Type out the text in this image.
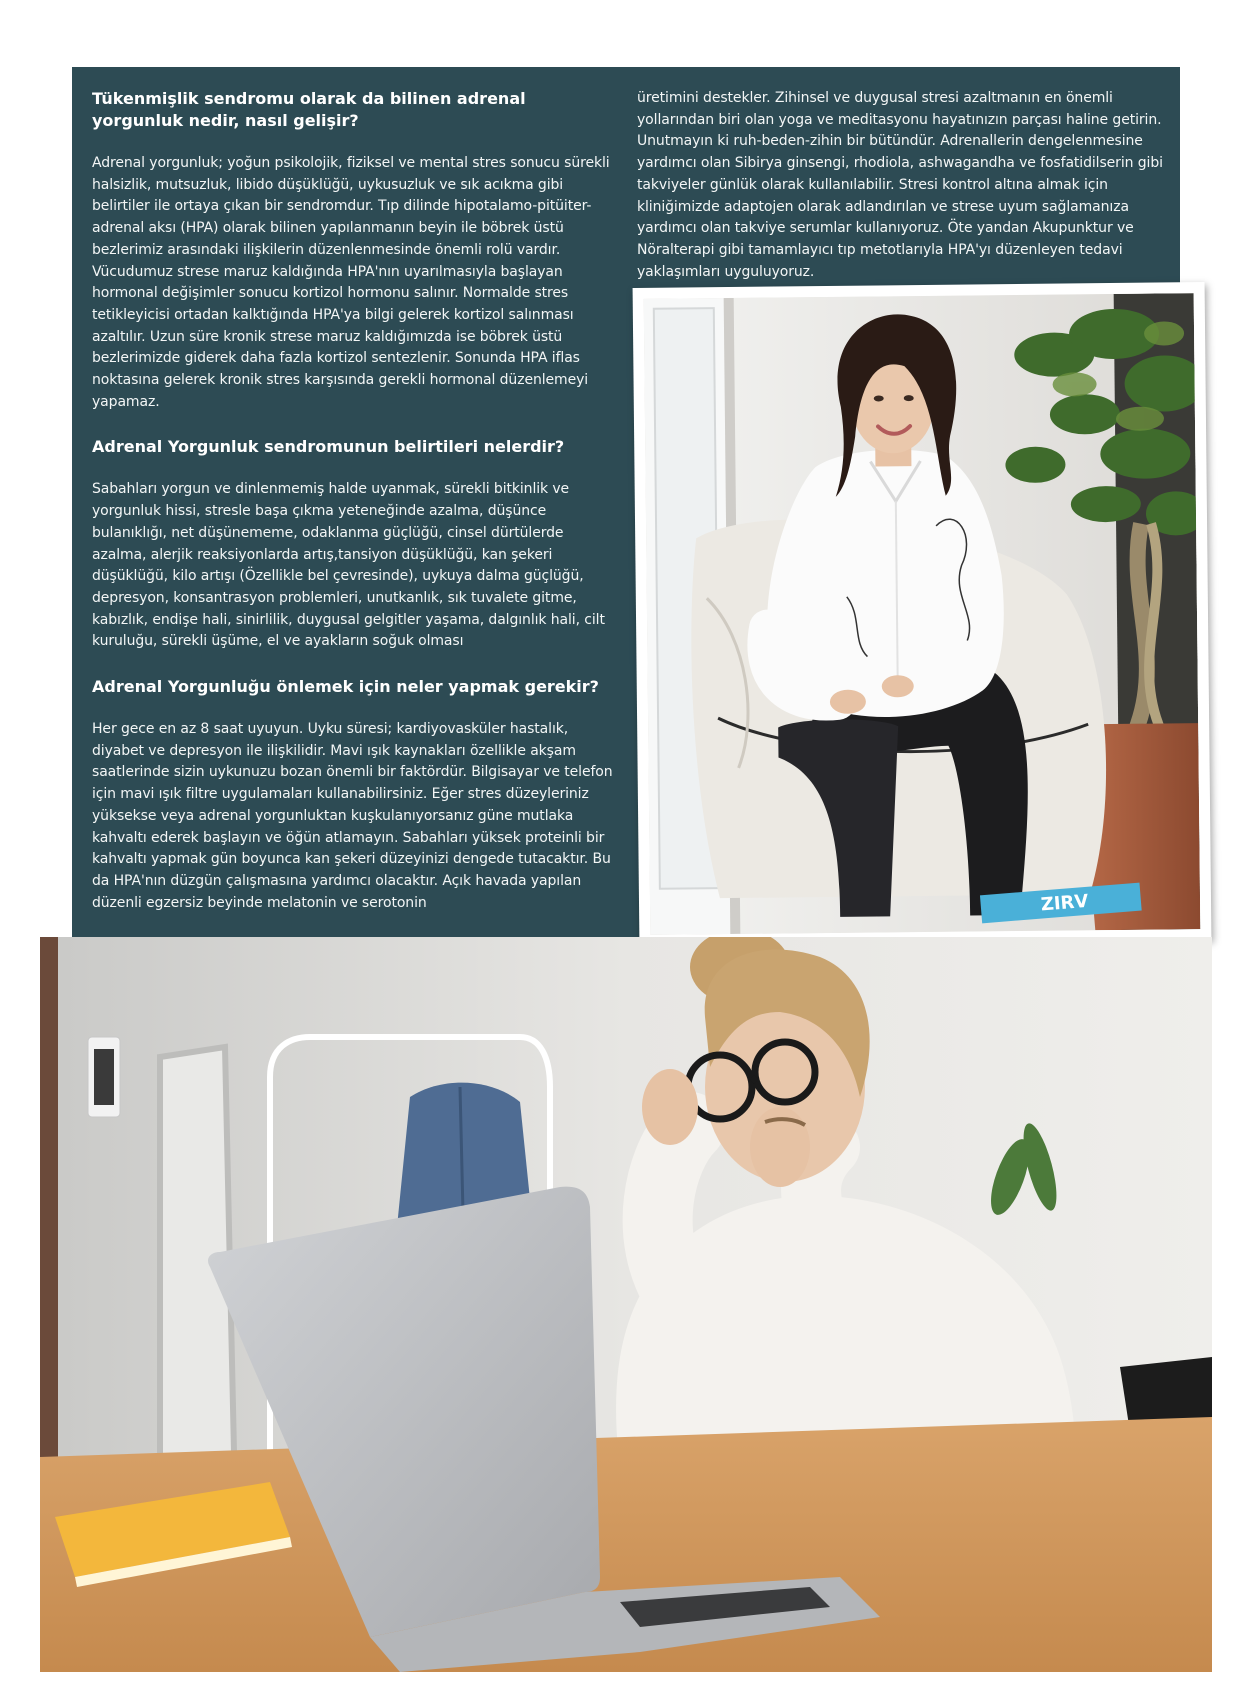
Tükenmişlik sendromu olarak da bilinen adrenal yorgunluk nedir, nasıl gelişir?

Adrenal yorgunluk; yoğun psikolojik, fiziksel ve mental stres sonucu sürekli halsizlik, mutsuzluk, libido düşüklüğü, uykusuzluk ve sık acıkma gibi belirtiler ile ortaya çıkan bir sendromdur. Tıp dilinde hipotalamo-pitüiter-adrenal aksı (HPA) olarak bilinen yapılanmanın beyin ile böbrek üstü bezlerimiz arasındaki ilişkilerin düzenlenmesinde önemli rolü vardır. Vücudumuz strese maruz kaldığında HPA'nın uyarılmasıyla başlayan hormonal değişimler sonucu kortizol hormonu salınır. Normalde stres tetikleyicisi ortadan kalktığında HPA'ya bilgi gelerek kortizol salınması azaltılır. Uzun süre kronik strese maruz kaldığımızda ise böbrek üstü bezlerimizde giderek daha fazla kortizol sentezlenir. Sonunda HPA iflas noktasına gelerek kronik stres karşısında gerekli hormonal düzenlemeyi yapamaz.

Adrenal Yorgunluk sendromunun belirtileri nelerdir?

Sabahları yorgun ve dinlenmemiş halde uyanmak, sürekli bitkinlik ve yorgunluk hissi, stresle başa çıkma yeteneğinde azalma, düşünce bulanıklığı, net düşünememe, odaklanma güçlüğü, cinsel dürtülerde azalma, alerjik reaksiyonlarda artış,tansiyon düşüklüğü, kan şekeri düşüklüğü, kilo artışı (Özellikle bel çevresinde), uykuya dalma güçlüğü, depresyon, konsantrasyon problemleri, unutkanlık, sık tuvalete gitme, kabızlık, endişe hali, sinirlilik, duygusal gelgitler yaşama, dalgınlık hali, cilt kuruluğu, sürekli üşüme, el ve ayakların soğuk olması

Adrenal Yorgunluğu önlemek için neler yapmak gerekir?

Her gece en az 8 saat uyuyun. Uyku süresi; kardiyovasküler hastalık, diyabet ve depresyon ile ilişkilidir. Mavi ışık kaynakları özellikle akşam saatlerinde sizin uykunuzu bozan önemli bir faktördür. Bilgisayar ve telefon için mavi ışık filtre uygulamaları kullanabilirsiniz. Eğer stres düzeyleriniz yüksekse veya adrenal yorgunluktan kuşkulanıyorsanız güne mutlaka kahvaltı ederek başlayın ve öğün atlamayın. Sabahları yüksek proteinli bir kahvaltı yapmak gün boyunca kan şekeri düzeyinizi dengede tutacaktır. Bu da HPA'nın düzgün çalışmasına yardımcı olacaktır. Açık havada yapılan düzenli egzersiz beyinde melatonin ve serotonin

üretimini destekler. Zihinsel ve duygusal stresi azaltmanın en önemli yollarından biri olan yoga ve meditasyonu hayatınızın parçası haline getirin. Unutmayın ki ruh-beden-zihin bir bütündür. Adrenallerin dengelenmesine yardımcı olan Sibirya ginsengi, rhodiola, ashwagandha ve fosfatidilserin gibi takviyeler günlük olarak kullanılabilir. Stresi kontrol altına almak için kliniğimizde adaptojen olarak adlandırılan ve strese uyum sağlamanıza yardımcı olan takviye serumlar kullanıyoruz. Öte yandan Akupunktur ve Nöralterapi gibi tamamlayıcı tıp metotlarıyla HPA'yı düzenleyen tedavi yaklaşımları uyguluyoruz.

ZIRV
zirvedekiler.kim 115
